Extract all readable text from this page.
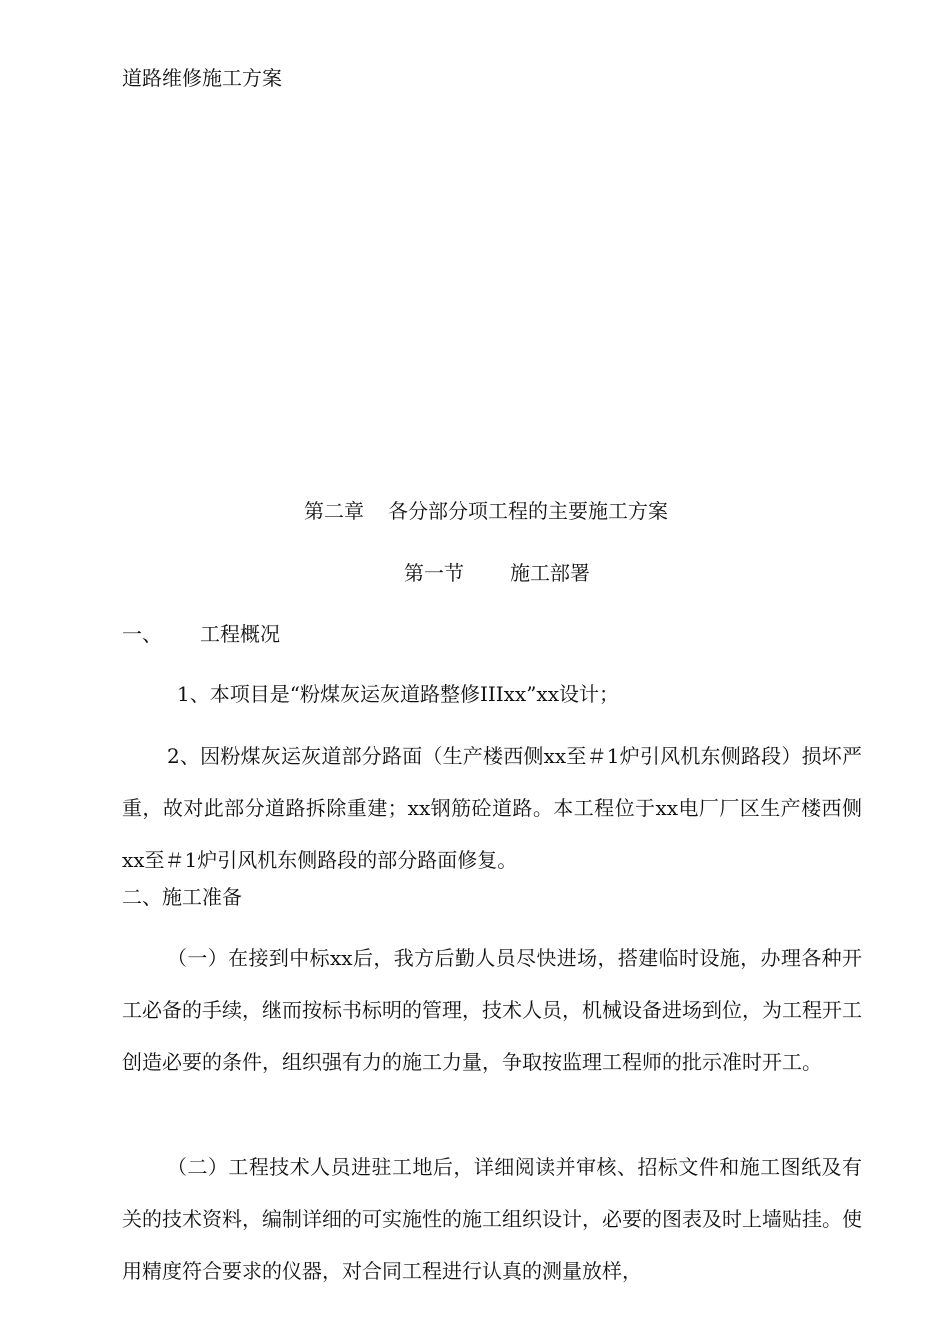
道路维修施工方案

第二章 各分部分项工程的主要施工方案

第一节 施工部署

一、 工程概况

1、本项目是“粉煤灰运灰道路整修IIIxx”xx设计；

2、因粉煤灰运灰道部分路面（生产楼西侧xx至＃1炉引风机东侧路段）损坏严重，故对此部分道路拆除重建；xx钢筋砼道路。本工程位于xx电厂厂区生产楼西侧xx至＃1炉引风机东侧路段的部分路面修复。

二、施工准备

（一）在接到中标xx后，我方后勤人员尽快进场，搭建临时设施，办理各种开工必备的手续，继而按标书标明的管理，技术人员，机械设备进场到位，为工程开工创造必要的条件，组织强有力的施工力量，争取按监理工程师的批示准时开工。

（二）工程技术人员进驻工地后，详细阅读并审核、招标文件和施工图纸及有关的技术资料，编制详细的可实施性的施工组织设计，必要的图表及时上墙贴挂。使用精度符合要求的仪器，对合同工程进行认真的测量放样，
